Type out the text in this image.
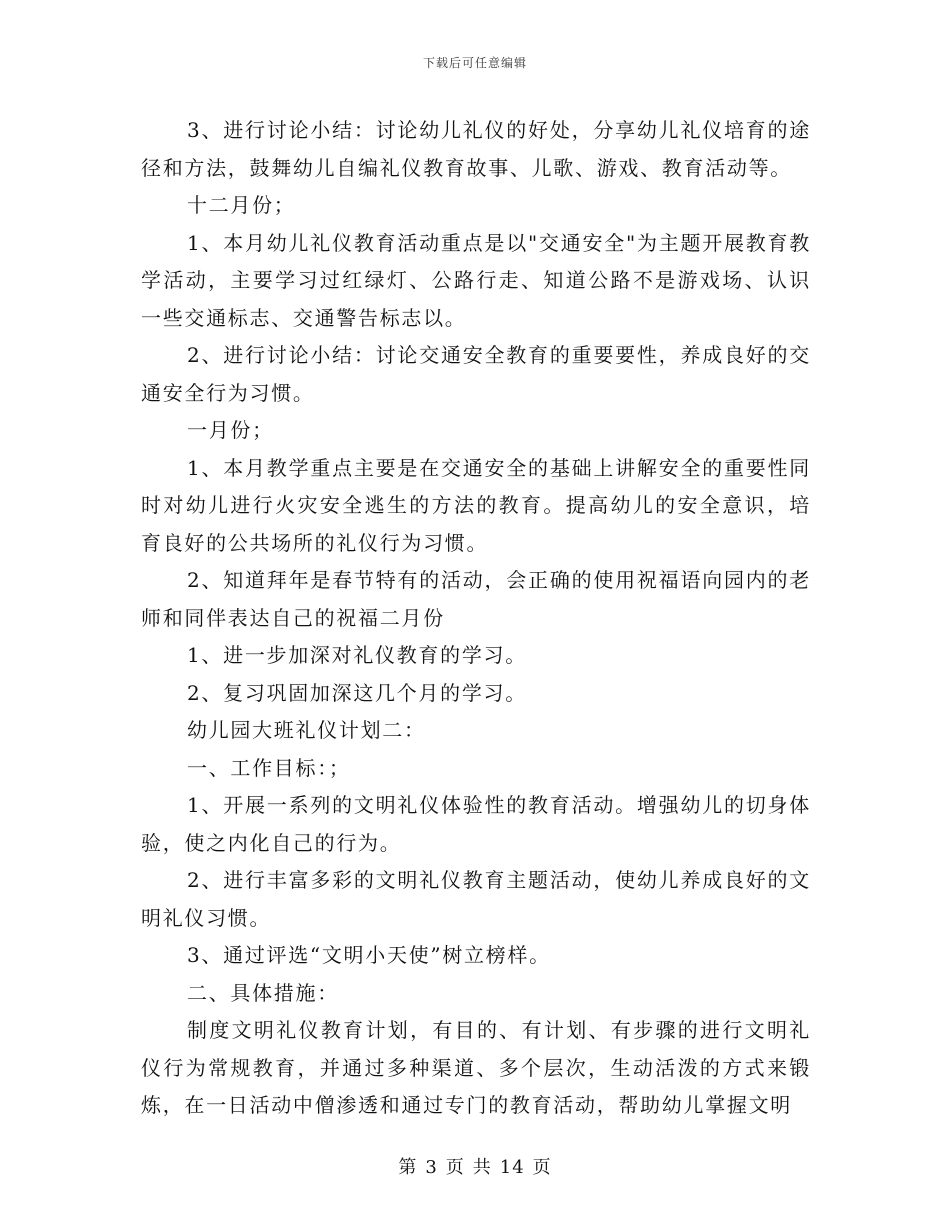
下载后可任意编辑

3、进行讨论小结：讨论幼儿礼仪的好处，分享幼儿礼仪培育的途径和方法，鼓舞幼儿自编礼仪教育故事、儿歌、游戏、教育活动等。

十二月份；

1、本月幼儿礼仪教育活动重点是以"交通安全"为主题开展教育教学活动，主要学习过红绿灯、公路行走、知道公路不是游戏场、认识一些交通标志、交通警告标志以。

2、进行讨论小结：讨论交通安全教育的重要要性，养成良好的交通安全行为习惯。

一月份；

1、本月教学重点主要是在交通安全的基础上讲解安全的重要性同时对幼儿进行火灾安全逃生的方法的教育。提高幼儿的安全意识，培育良好的公共场所的礼仪行为习惯。

2、知道拜年是春节特有的活动，会正确的使用祝福语向园内的老师和同伴表达自己的祝福二月份

1、进一步加深对礼仪教育的学习。

2、复习巩固加深这几个月的学习。

幼儿园大班礼仪计划二：

一、工作目标：；

1、开展一系列的文明礼仪体验性的教育活动。增强幼儿的切身体验，使之内化自己的行为。

2、进行丰富多彩的文明礼仪教育主题活动，使幼儿养成良好的文明礼仪习惯。

3、通过评选“文明小天使”树立榜样。

二、具体措施：

制度文明礼仪教育计划，有目的、有计划、有步骤的进行文明礼仪行为常规教育，并通过多种渠道、多个层次，生动活泼的方式来锻炼，在一日活动中僧渗透和通过专门的教育活动，帮助幼儿掌握文明

第 3 页 共 14 页
